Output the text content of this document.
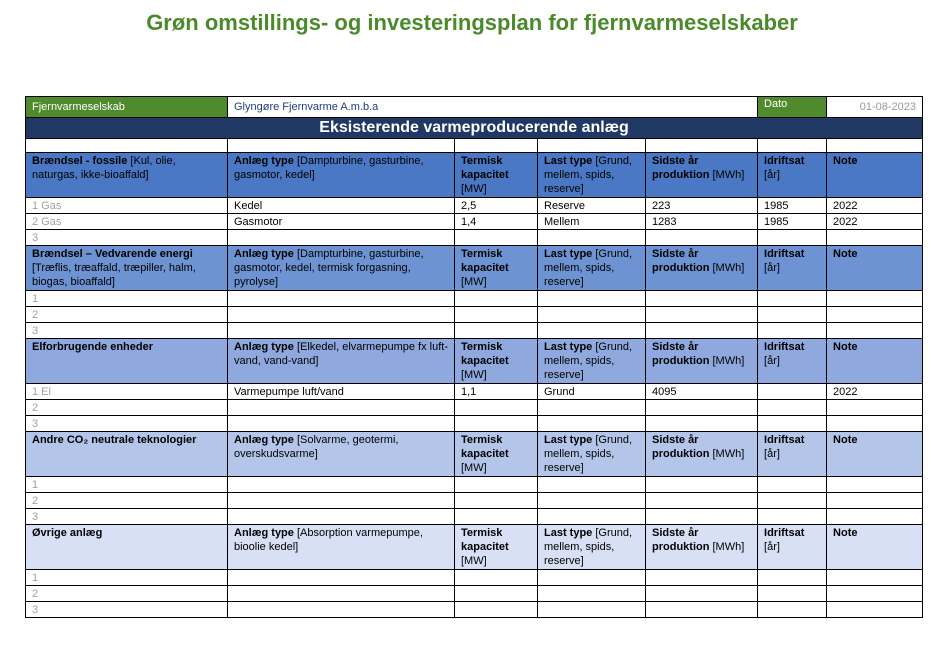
Grøn omstillings- og investeringsplan for fjernvarmeselskaber
Fjernvarmeselskab	Glyngøre Fjernvarme A.m.b.a				Dato	01-08-2023
Eksisterende varmeproducerende anlæg						

Brændsel - fossile [Kul, olie, naturgas, ikke-bioaffald]	Anlæg type [Dampturbine, gasturbine, gasmotor, kedel]	Termisk kapacitet [MW]	Last type [Grund, mellem, spids, reserve]	Sidste år produktion [MWh]	Idriftsat [år]	Note
1 Gas	Kedel	2,5	Reserve	223	1985	2022
2 Gas	Gasmotor	1,4	Mellem	1283	1985	2022
3						
Brændsel – Vedvarende energi [Træflis, træaffald, træpiller, halm, biogas, bioaffald]	Anlæg type [Dampturbine, gasturbine, gasmotor, kedel, termisk forgasning, pyrolyse]	Termisk kapacitet [MW]	Last type [Grund, mellem, spids, reserve]	Sidste år produktion [MWh]	Idriftsat [år]	Note
1						
2						
3						
Elforbrugende enheder	Anlæg type [Elkedel, elvarmepumpe fx luft-vand, vand-vand]	Termisk kapacitet [MW]	Last type [Grund, mellem, spids, reserve]	Sidste år produktion [MWh]	Idriftsat [år]	Note
1 El	Varmepumpe luft/vand	1,1	Grund	4095		2022
2						
3						
Andre CO₂ neutrale teknologier	Anlæg type [Solvarme, geotermi, overskudsvarme]	Termisk kapacitet [MW]	Last type [Grund, mellem, spids, reserve]	Sidste år produktion [MWh]	Idriftsat [år]	Note
1						
2						
3						
Øvrige anlæg	Anlæg type [Absorption varmepumpe, bioolie kedel]	Termisk kapacitet [MW]	Last type [Grund, mellem, spids, reserve]	Sidste år produktion [MWh]	Idriftsat [år]	Note
1						
2						
3						
